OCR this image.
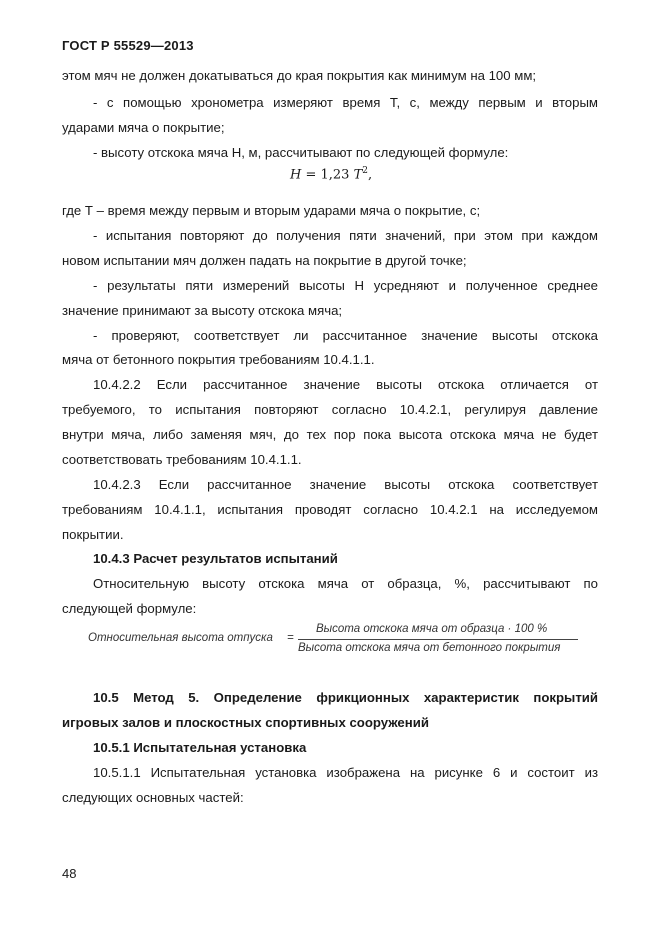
ГОСТ Р 55529—2013
этом мяч не должен докатываться до края покрытия как минимум на 100 мм;
- с помощью хронометра измеряют время Т, с, между первым и вторым
ударами мяча о покрытие;
- высоту отскока мяча Н, м, рассчитывают по следующей формуле:
H = 1,23 $T^2$,
где Т – время между первым и вторым ударами мяча о покрытие, с;
- испытания повторяют до получения пяти значений, при этом при каждом
новом испытании мяч должен падать на покрытие в другой точке;
- результаты пяти измерений высоты Н усредняют и полученное среднее
значение принимают за высоту отскока мяча;
- проверяют, соответствует ли рассчитанное значение высоты отскока
мяча от бетонного покрытия требованиям 10.4.1.1.
10.4.2.2 Если рассчитанное значение высоты отскока отличается от
требуемого, то испытания повторяют согласно 10.4.2.1, регулируя давление
внутри мяча, либо заменяя мяч, до тех пор пока высота отскока мяча не будет
соответствовать требованиям 10.4.1.1.
10.4.2.3 Если рассчитанное значение высоты отскока соответствует
требованиям 10.4.1.1, испытания проводят согласно 10.4.2.1 на исследуемом
покрытии.
10.4.3 Расчет результатов испытаний
Относительную высоту отскока мяча от образца, %, рассчитывают по
следующей формуле:
Относительная высота отпуска =
Высота отскока мяча от образца · 100 %
Высота отскока мяча от бетонного покрытия
10.5 Метод 5. Определение фрикционных характеристик покрытий
игровых залов и плоскостных спортивных сооружений
10.5.1 Испытательная установка
10.5.1.1 Испытательная установка изображена на рисунке 6 и состоит из
следующих основных частей:
48
